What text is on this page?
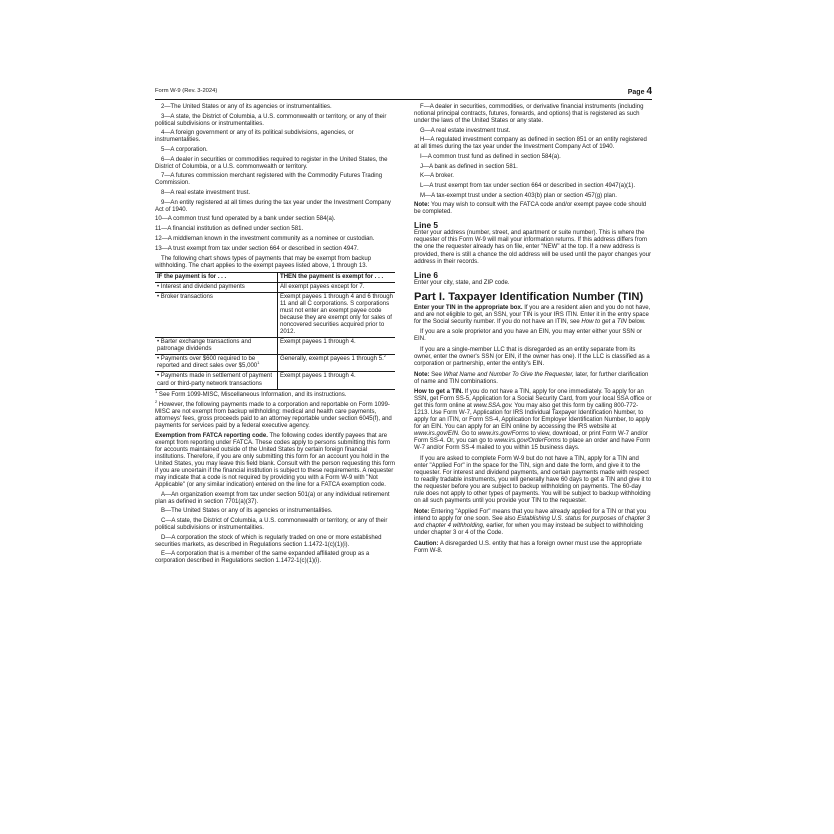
Form W-9 (Rev. 3-2024)	Page 4

2—The United States or any of its agencies or instrumentalities.

3—A state, the District of Columbia, a U.S. commonwealth or territory, or any of their political subdivisions or instrumentalities.

4—A foreign government or any of its political subdivisions, agencies, or instrumentalities.

5—A corporation.

6—A dealer in securities or commodities required to register in the United States, the District of Columbia, or a U.S. commonwealth or territory.

7—A futures commission merchant registered with the Commodity Futures Trading Commission.

8—A real estate investment trust.

9—An entity registered at all times during the tax year under the Investment Company Act of 1940.

10—A common trust fund operated by a bank under section 584(a).

11—A financial institution as defined under section 581.

12—A middleman known in the investment community as a nominee or custodian.

13—A trust exempt from tax under section 664 or described in section 4947.

The following chart shows types of payments that may be exempt from backup withholding. The chart applies to the exempt payees listed above, 1 through 13.

IF the payment is for . . .	THEN the payment is exempt for . . .
• Interest and dividend payments	All exempt payees except for 7.
• Broker transactions	Exempt payees 1 through 4 and 6 through 11 and all C corporations. S corporations must not enter an exempt payee code because they are exempt only for sales of noncovered securities acquired prior to 2012.
• Barter exchange transactions and patronage dividends	Exempt payees 1 through 4.
• Payments over $600 required to be reported and direct sales over $5,000$^1$	Generally, exempt payees 1 through 5.$^2$
• Payments made in settlement of payment card or third-party network transactions	Exempt payees 1 through 4.

$^1$ See Form 1099-MISC, Miscellaneous Information, and its instructions.

$^2$ However, the following payments made to a corporation and reportable on Form 1099-MISC are not exempt from backup withholding: medical and health care payments, attorneys' fees, gross proceeds paid to an attorney reportable under section 6045(f), and payments for services paid by a federal executive agency.

Exemption from FATCA reporting code. The following codes identify payees that are exempt from reporting under FATCA. These codes apply to persons submitting this form for accounts maintained outside of the United States by certain foreign financial institutions. Therefore, if you are only submitting this form for an account you hold in the United States, you may leave this field blank. Consult with the person requesting this form if you are uncertain if the financial institution is subject to these requirements. A requester may indicate that a code is not required by providing you with a Form W-9 with "Not Applicable" (or any similar indication) entered on the line for a FATCA exemption code.

A—An organization exempt from tax under section 501(a) or any individual retirement plan as defined in section 7701(a)(37).

B—The United States or any of its agencies or instrumentalities.

C—A state, the District of Columbia, a U.S. commonwealth or territory, or any of their political subdivisions or instrumentalities.

D—A corporation the stock of which is regularly traded on one or more established securities markets, as described in Regulations section 1.1472-1(c)(1)(i).

E—A corporation that is a member of the same expanded affiliated group as a corporation described in Regulations section 1.1472-1(c)(1)(i).

F—A dealer in securities, commodities, or derivative financial instruments (including notional principal contracts, futures, forwards, and options) that is registered as such under the laws of the United States or any state.

G—A real estate investment trust.

H—A regulated investment company as defined in section 851 or an entity registered at all times during the tax year under the Investment Company Act of 1940.

I—A common trust fund as defined in section 584(a).

J—A bank as defined in section 581.

K—A broker.

L—A trust exempt from tax under section 664 or described in section 4947(a)(1).

M—A tax-exempt trust under a section 403(b) plan or section 457(g) plan.

Note: You may wish to consult with the FATCA code and/or exempt payee code should be completed.

Line 5

Enter your address (number, street, and apartment or suite number). This is where the requester of this Form W-9 will mail your information returns. If this address differs from the one the requester already has on file, enter "NEW" at the top. If a new address is provided, there is still a chance the old address will be used until the payor changes your address in their records.

Line 6

Enter your city, state, and ZIP code.

Part I. Taxpayer Identification Number (TIN)

Enter your TIN in the appropriate box. If you are a resident alien and you do not have, and are not eligible to get, an SSN, your TIN is your IRS ITIN. Enter it in the entry space for the Social security number. If you do not have an ITIN, see How to get a TIN below.

If you are a sole proprietor and you have an EIN, you may enter either your SSN or EIN.

If you are a single-member LLC that is disregarded as an entity separate from its owner, enter the owner's SSN (or EIN, if the owner has one). If the LLC is classified as a corporation or partnership, enter the entity's EIN.

Note: See What Name and Number To Give the Requester, later, for further clarification of name and TIN combinations.

How to get a TIN. If you do not have a TIN, apply for one immediately. To apply for an SSN, get Form SS-5, Application for a Social Security Card, from your local SSA office or get this form online at www.SSA.gov. You may also get this form by calling 800-772-1213. Use Form W-7, Application for IRS Individual Taxpayer Identification Number, to apply for an ITIN, or Form SS-4, Application for Employer Identification Number, to apply for an EIN. You can apply for an EIN online by accessing the IRS website at www.irs.gov/EIN. Go to www.irs.gov/Forms to view, download, or print Form W-7 and/or Form SS-4. Or, you can go to www.irs.gov/OrderForms to place an order and have Form W-7 and/or Form SS-4 mailed to you within 15 business days.

If you are asked to complete Form W-9 but do not have a TIN, apply for a TIN and enter "Applied For" in the space for the TIN, sign and date the form, and give it to the requester. For interest and dividend payments, and certain payments made with respect to readily tradable instruments, you will generally have 60 days to get a TIN and give it to the requester before you are subject to backup withholding on payments. The 60-day rule does not apply to other types of payments. You will be subject to backup withholding on all such payments until you provide your TIN to the requester.

Note: Entering "Applied For" means that you have already applied for a TIN or that you intend to apply for one soon. See also Establishing U.S. status for purposes of chapter 3 and chapter 4 withholding, earlier, for when you may instead be subject to withholding under chapter 3 or 4 of the Code.

Caution: A disregarded U.S. entity that has a foreign owner must use the appropriate Form W-8.
